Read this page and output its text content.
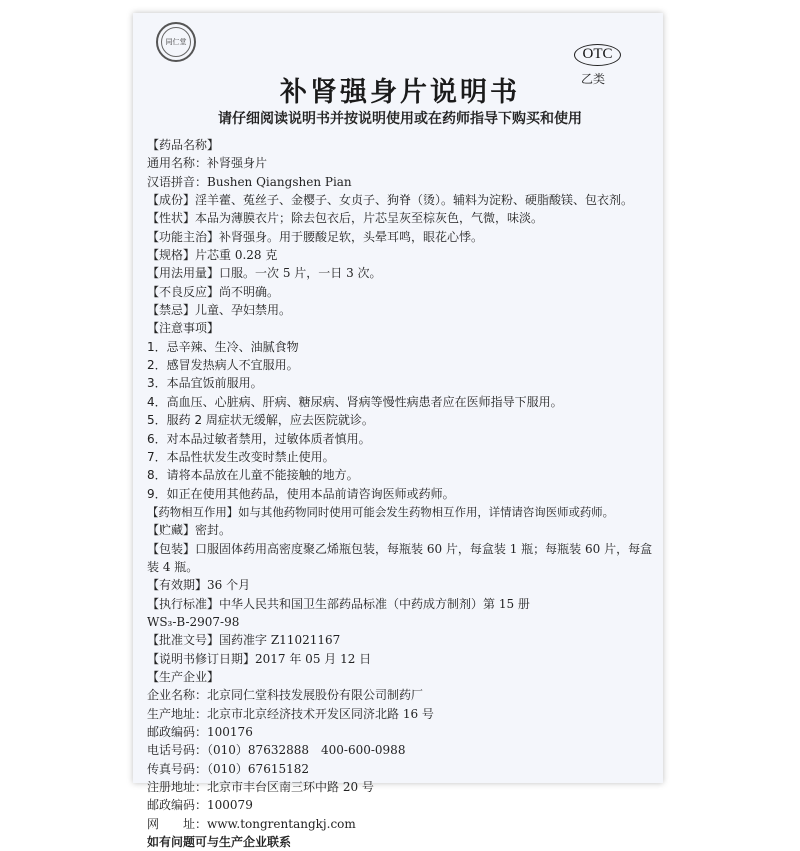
同仁堂
OTC
乙类
补肾强身片说明书
请仔细阅读说明书并按说明使用或在药师指导下购买和使用
【药品名称】
通用名称：补肾强身片
汉语拼音：Bushen Qiangshen Pian
【成份】淫羊藿、菟丝子、金樱子、女贞子、狗脊（烫）。辅料为淀粉、硬脂酸镁、包衣剂。
【性状】本品为薄膜衣片；除去包衣后，片芯呈灰至棕灰色，气微，味淡。
【功能主治】补肾强身。用于腰酸足软，头晕耳鸣，眼花心悸。
【规格】片芯重 0.28 克
【用法用量】口服。一次 5 片，一日 3 次。
【不良反应】尚不明确。
【禁忌】儿童、孕妇禁用。
【注意事项】
1．忌辛辣、生冷、油腻食物
2．感冒发热病人不宜服用。
3．本品宜饭前服用。
4．高血压、心脏病、肝病、糖尿病、肾病等慢性病患者应在医师指导下服用。
5．服药 2 周症状无缓解，应去医院就诊。
6．对本品过敏者禁用，过敏体质者慎用。
7．本品性状发生改变时禁止使用。
8．请将本品放在儿童不能接触的地方。
9．如正在使用其他药品，使用本品前请咨询医师或药师。
【药物相互作用】如与其他药物同时使用可能会发生药物相互作用，详情请咨询医师或药师。
【贮藏】密封。
【包装】口服固体药用高密度聚乙烯瓶包装，每瓶装 60 片，每盒装 1 瓶；每瓶装 60 片，每盒装 4 瓶。
【有效期】36 个月
【执行标准】中华人民共和国卫生部药品标准（中药成方制剂）第 15 册
WS₃-B-2907-98
【批准文号】国药准字 Z11021167
【说明书修订日期】2017 年 05 月 12 日
【生产企业】
企业名称：北京同仁堂科技发展股份有限公司制药厂
生产地址：北京市北京经济技术开发区同济北路 16 号
邮政编码：100176
电话号码：（010）87632888　400-600-0988
传真号码：（010）67615182
注册地址：北京市丰台区南三环中路 20 号
邮政编码：100079
网　　址：www.tongrentangkj.com
如有问题可与生产企业联系
